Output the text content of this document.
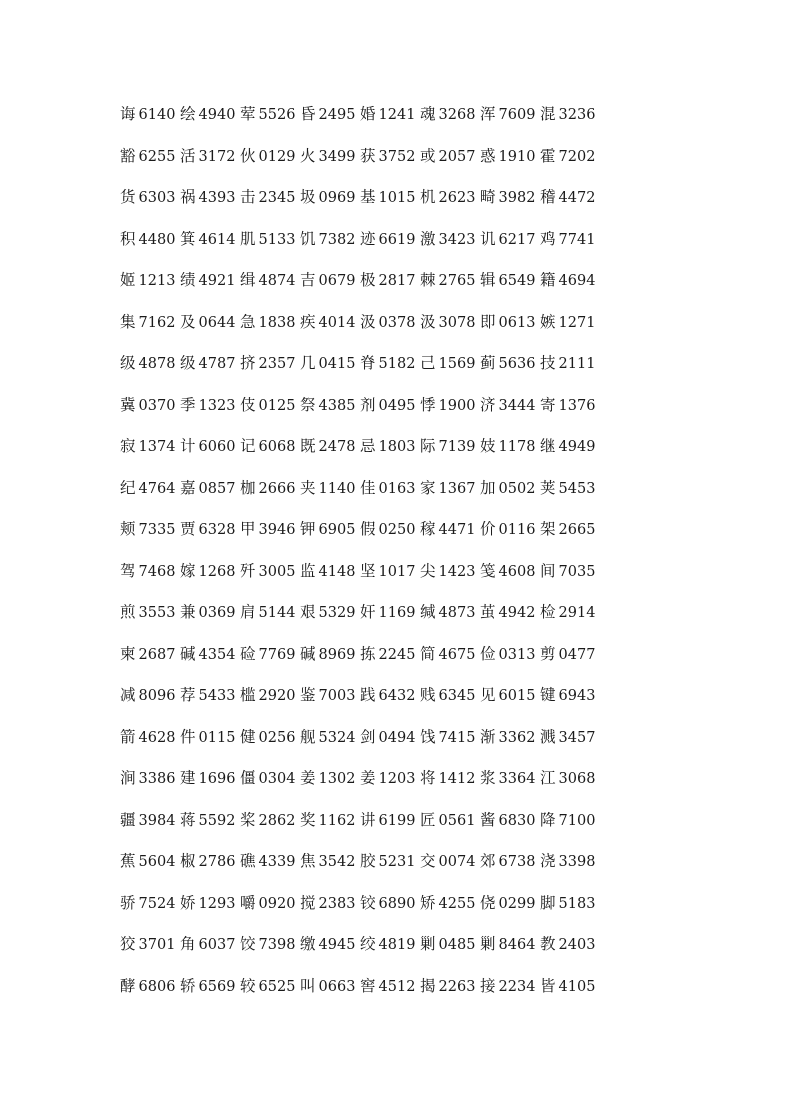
诲 6140 绘 4940 荤 5526 昏 2495 婚 1241 魂 3268 浑 7609 混 3236
豁 6255 活 3172 伙 0129 火 3499 获 3752 或 2057 惑 1910 霍 7202
货 6303 祸 4393 击 2345 圾 0969 基 1015 机 2623 畸 3982 稽 4472
积 4480 箕 4614 肌 5133 饥 7382 迹 6619 激 3423 讥 6217 鸡 7741
姬 1213 绩 4921 缉 4874 吉 0679 极 2817 棘 2765 辑 6549 籍 4694
集 7162 及 0644 急 1838 疾 4014 汲 0378 汲 3078 即 0613 嫉 1271
级 4878 级 4787 挤 2357 几 0415 脊 5182 己 1569 蓟 5636 技 2111
冀 0370 季 1323 伎 0125 祭 4385 剂 0495 悸 1900 济 3444 寄 1376
寂 1374 计 6060 记 6068 既 2478 忌 1803 际 7139 妓 1178 继 4949
纪 4764 嘉 0857 枷 2666 夹 1140 佳 0163 家 1367 加 0502 荚 5453
颊 7335 贾 6328 甲 3946 钾 6905 假 0250 稼 4471 价 0116 架 2665
驾 7468 嫁 1268 歼 3005 监 4148 坚 1017 尖 1423 笺 4608 间 7035
煎 3553 兼 0369 肩 5144 艰 5329 奸 1169 缄 4873 茧 4942 检 2914
柬 2687 碱 4354 硷 7769 碱 8969 拣 2245 简 4675 俭 0313 剪 0477
减 8096 荐 5433 槛 2920 鉴 7003 践 6432 贱 6345 见 6015 键 6943
箭 4628 件 0115 健 0256 舰 5324 剑 0494 饯 7415 渐 3362 溅 3457
涧 3386 建 1696 僵 0304 姜 1302 姜 1203 将 1412 浆 3364 江 3068
疆 3984 蒋 5592 桨 2862 奖 1162 讲 6199 匠 0561 酱 6830 降 7100
蕉 5604 椒 2786 礁 4339 焦 3542 胶 5231 交 0074 郊 6738 浇 3398
骄 7524 娇 1293 嚼 0920 搅 2383 铰 6890 矫 4255 侥 0299 脚 5183
狡 3701 角 6037 饺 7398 缴 4945 绞 4819 剿 0485 剿 8464 教 2403
酵 6806 轿 6569 较 6525 叫 0663 窖 4512 揭 2263 接 2234 皆 4105
